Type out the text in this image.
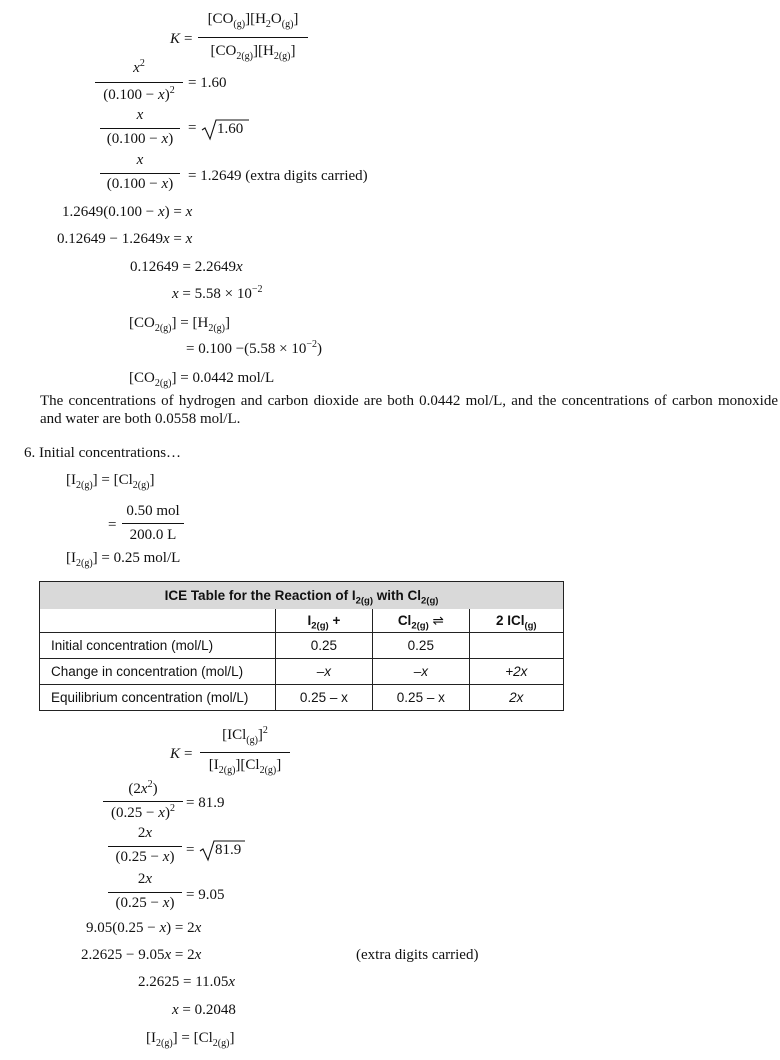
K =
$[CO_{(g)}][H_2O_{(g)}]$
$[CO_{2(g)}][H_{2(g)}]$
$x^2$
$(0.100 - x)^2 = 1.60$
x
(0.100 − x)
= 1.60
x
(0.100 − x) = 1.2649 (extra digits carried)
1.2649(0.100 − x) = x
0.12649 − 1.2649x = x
0.12649 = 2.2649x
$x = 5.58 \times 10^{-2}$
$[CO_{2(g)}] = [H_{2(g)}]$
= $0.100 -(5.58 \times 10^{-2})$
$[CO_{2(g)}] = 0.0442$ mol/L

The concentrations of hydrogen and carbon dioxide are both 0.0442 mol/L, and the concentrations of carbon monoxide and water are both 0.0558 mol/L.

6. Initial concentrations…
$[I_{2(g)}] = [Cl_{2(g)}]$
=
0.50 mol
200.0 L
$[I_{2(g)}] = 0.25$ mol/L
ICE Table for the Reaction of $I_{2(g)}$ with $Cl_{2(g)}$
	$I_{2(g)}$ +	$Cl_{2(g)}$ ⇌	2 ICl$_{(g)}$
Initial concentration (mol/L)	0.25	0.25	
Change in concentration (mol/L)	–x	–x	+2x
Equilibrium concentration (mol/L)	0.25 – x	0.25 – x	2x
K =
$[ICl_{(g)}]^2$
$[I_{2(g)}][Cl_{2(g)}]$
$(2x^2)$
$(0.25 - x)^2 = 81.9$
2x
(0.25 − x) = 81.9
2x
(0.25 − x) = 9.05
9.05(0.25 − x) = 2x
2.2625 − 9.05x = 2x	(extra digits carried)
2.2625 = 11.05x
x = 0.2048
$[I_{2(g)}] = [Cl_{2(g)}]$
